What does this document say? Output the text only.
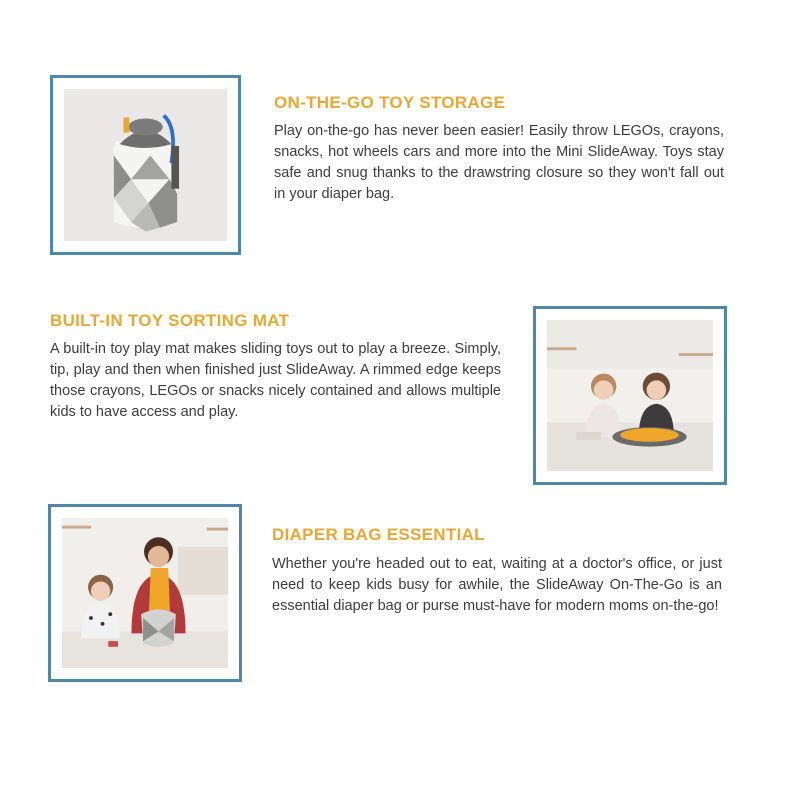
ON-THE-GO TOY STORAGE

Play on-the-go has never been easier! Easily throw LEGOs, crayons, snacks, hot wheels cars and more into the Mini SlideAway. Toys stay safe and snug thanks to the drawstring closure so they won't fall out in your diaper bag.

BUILT-IN TOY SORTING MAT

A built-in toy play mat makes sliding toys out to play a breeze. Simply, tip, play and then when finished just SlideAway. A rimmed edge keeps those crayons, LEGOs or snacks nicely contained and allows multiple kids to have access and play.

DIAPER BAG ESSENTIAL

Whether you're headed out to eat, waiting at a doctor's office, or just need to keep kids busy for awhile, the SlideAway On-The-Go is an essential diaper bag or purse must-have for modern moms on-the-go!
